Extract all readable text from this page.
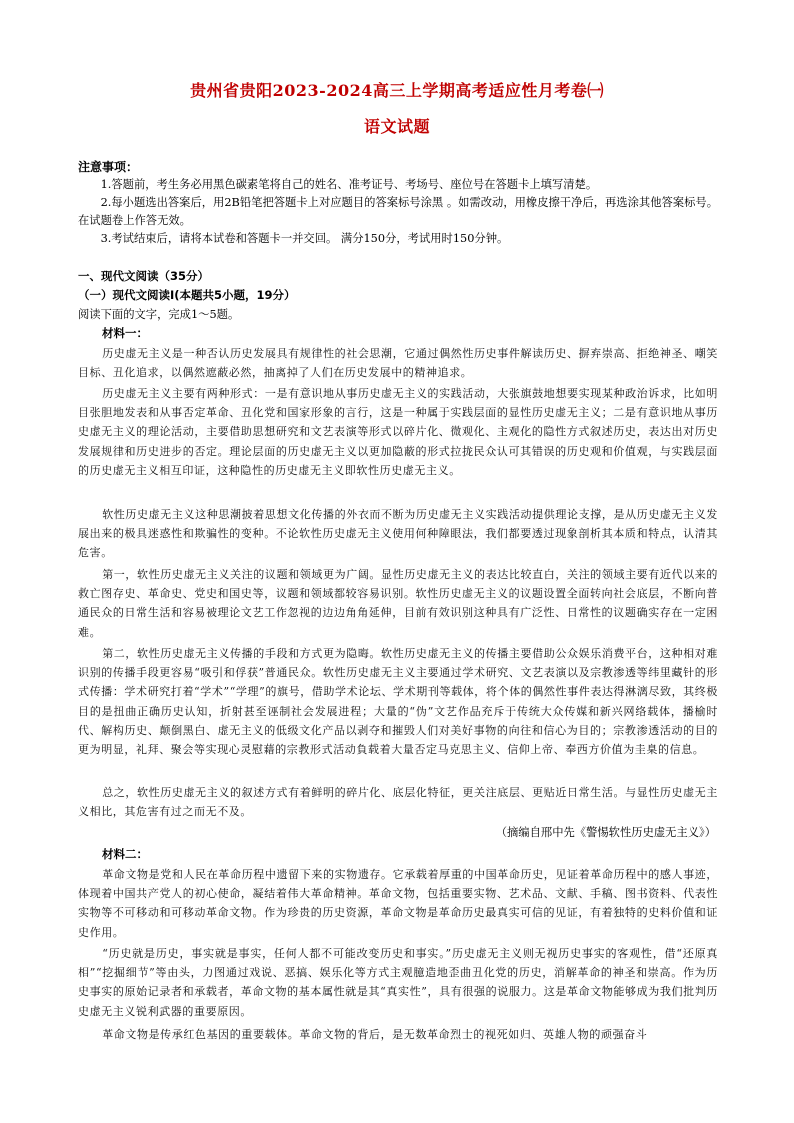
贵州省贵阳2023-2024高三上学期高考适应性月考卷㈠
语文试题
注意事项：

1.答题前，考生务必用黑色碳素笔将自己的姓名、准考证号、考场号、座位号在答题卡上填写清楚。

2.每小题选出答案后，用2B铅笔把答题卡上对应题目的答案标号涂黑 。如需改动，用橡皮擦干净后，再选涂其他答案标号。在试题卷上作答无效。

3.考试结束后，请将本试卷和答题卡一并交回。 满分150分，考试用时150分钟。

一、现代文阅读（35分）
（一）现代文阅读Ⅰ(本题共5小题，19分）
阅读下面的文字，完成1～5题。
材料一：

历史虚无主义是一种否认历史发展具有规律性的社会思潮，它通过偶然性历史事件解读历史、摒弃崇高、拒绝神圣、嘲笑目标、丑化追求，以偶然遮蔽必然，抽离掉了人们在历史发展中的精神追求。

历史虚无主义主要有两种形式：一是有意识地从事历史虚无主义的实践活动，大张旗鼓地想要实现某种政治诉求，比如明目张胆地发表和从事否定革命、丑化党和国家形象的言行，这是一种属于实践层面的显性历史虚无主义；二是有意识地从事历史虚无主义的理论活动，主要借助思想研究和文艺表演等形式以碎片化、微观化、主观化的隐性方式叙述历史，表达出对历史发展规律和历史进步的否定。理论层面的历史虚无主义以更加隐蔽的形式拉拢民众认可其错误的历史观和价值观，与实践层面的历史虚无主义相互印证，这种隐性的历史虚无主义即软性历史虚无主义。

软性历史虚无主义这种思潮披着思想文化传播的外衣而不断为历史虚无主义实践活动提供理论支撑，是从历史虚无主义发展出来的极具迷惑性和欺骗性的变种。不论软性历史虚无主义使用何种障眼法，我们都要透过现象剖析其本质和特点，认清其危害。

第一，软性历史虚无主义关注的议题和领域更为广阔。显性历史虚无主义的表达比较直白，关注的领域主要有近代以来的救亡图存史、革命史、党史和国史等，议题和领域都较容易识别。软性历史虚无主义的议题设置全面转向社会底层，不断向普通民众的日常生活和容易被理论文艺工作忽视的边边角角延伸，目前有效识别这种具有广泛性、日常性的议题确实存在一定困难。

第二，软性历史虚无主义传播的手段和方式更为隐晦。软性历史虚无主义的传播主要借助公众娱乐消费平台，这种相对难识别的传播手段更容易“吸引和俘获”普通民众。软性历史虚无主义主要通过学术研究、文艺表演以及宗教渗透等纬里藏针的形式传播：学术研究打着“学术”“学理”的旗号，借助学术论坛、学术期刊等载体，将个体的偶然性事件表达得淋漓尽致，其终极目的是扭曲正确历史认知，折射甚至诬制社会发展进程；大量的“伪”文艺作品充斥于传统大众传媒和新兴网络载体，播榆时代、解构历史、颠倒黑白、虚无主义的低级文化产品以剥夺和摧毁人们对美好事物的向往和信心为目的；宗教渗透活动的目的更为明显，礼拜、聚会等实现心灵慰藉的宗教形式活动負载着大量否定马克思主义、信仰上帝、奉西方价值为圭臬的信息。

总之，软性历史虚无主义的叙述方式有着鲜明的碎片化、底层化特征，更关注底层、更贴近日常生活。与显性历史虚无主义相比，其危害有过之而无不及。

（摘编自邢中先《警惕软性历史虚无主义》）
材料二：

革命文物是党和人民在革命历程中遗留下来的实物遗存。它承载着厚重的中国革命历史，见证着革命历程中的感人事迹，体现着中国共产党人的初心使命，凝结着伟大革命精神。革命文物，包括重要实物、艺术品、文献、手稿、图书资料、代表性实物等不可移动和可移动革命文物。作为珍贵的历史资源，革命文物是革命历史最真实可信的见证，有着独特的史料价值和证史作用。

“历史就是历史，事实就是事实，任何人都不可能改变历史和事实。”历史虚无主义则无视历史事实的客观性，借“还原真相”“挖掘细节”等由头，力图通过戏说、恶搞、娱乐化等方式主观臆造地歪曲丑化党的历史，消解革命的神圣和崇高。作为历史事实的原始记录者和承载者，革命文物的基本属性就是其“真实性”，具有很强的说服力。这是革命文物能够成为我们批判历史虚无主义锐利武器的重要原因。

革命文物是传承红色基因的重要载体。革命文物的背后，是无数革命烈士的视死如归、英雄人物的顽强奋斗
